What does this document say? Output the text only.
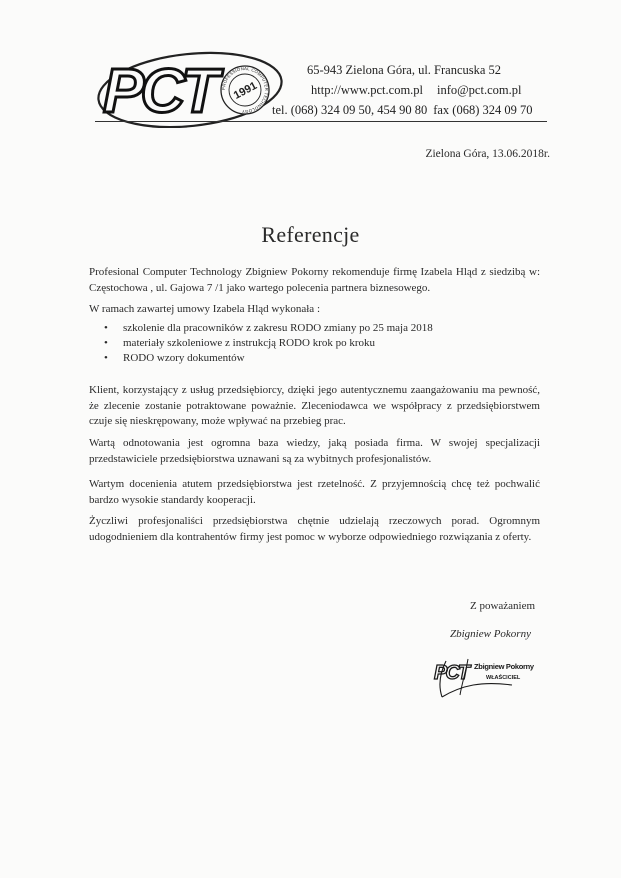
PCT	PROFESSIONAL COMPUTER TECHNOLOGY
1991
65-943 Zielona Góra, ul. Francuska 52
http://www.pct.com.pl info@pct.com.pl
tel. (068) 324 09 50, 454 90 80 fax (068) 324 09 70
Zielona Góra, 13.06.2018r.
Referencje
Profesional Computer Technology Zbigniew Pokorny rekomenduje firmę Izabela Hląd z siedzibą w: Częstochowa , ul. Gajowa 7 /1 jako wartego polecenia partnera biznesowego.
W ramach zawartej umowy Izabela Hląd wykonała :
• szkolenie dla pracowników z zakresu RODO zmiany po 25 maja 2018
• materiały szkoleniowe z instrukcją RODO krok po kroku
• RODO wzory dokumentów
Klient, korzystający z usług przedsiębiorcy, dzięki jego autentycznemu zaangażowaniu ma pewność, że zlecenie zostanie potraktowane poważnie. Zleceniodawca we współpracy z przedsiębiorstwem czuje się nieskrępowany, może wpływać na przebieg prac.
Wartą odnotowania jest ogromna baza wiedzy, jaką posiada firma. W swojej specjalizacji przedstawiciele przedsiębiorstwa uznawani są za wybitnych profesjonalistów.
Wartym docenienia atutem przedsiębiorstwa jest rzetelność. Z przyjemnością chcę też pochwalić bardzo wysokie standardy kooperacji.
Życzliwi profesjonaliści przedsiębiorstwa chętnie udzielają rzeczowych porad. Ogromnym udogodnieniem dla kontrahentów firmy jest pomoc w wyborze odpowiedniego rozwiązania z oferty.
Z poważaniem
Zbigniew Pokorny
PCT Zbigniew Pokorny
WŁAŚCICIEL
